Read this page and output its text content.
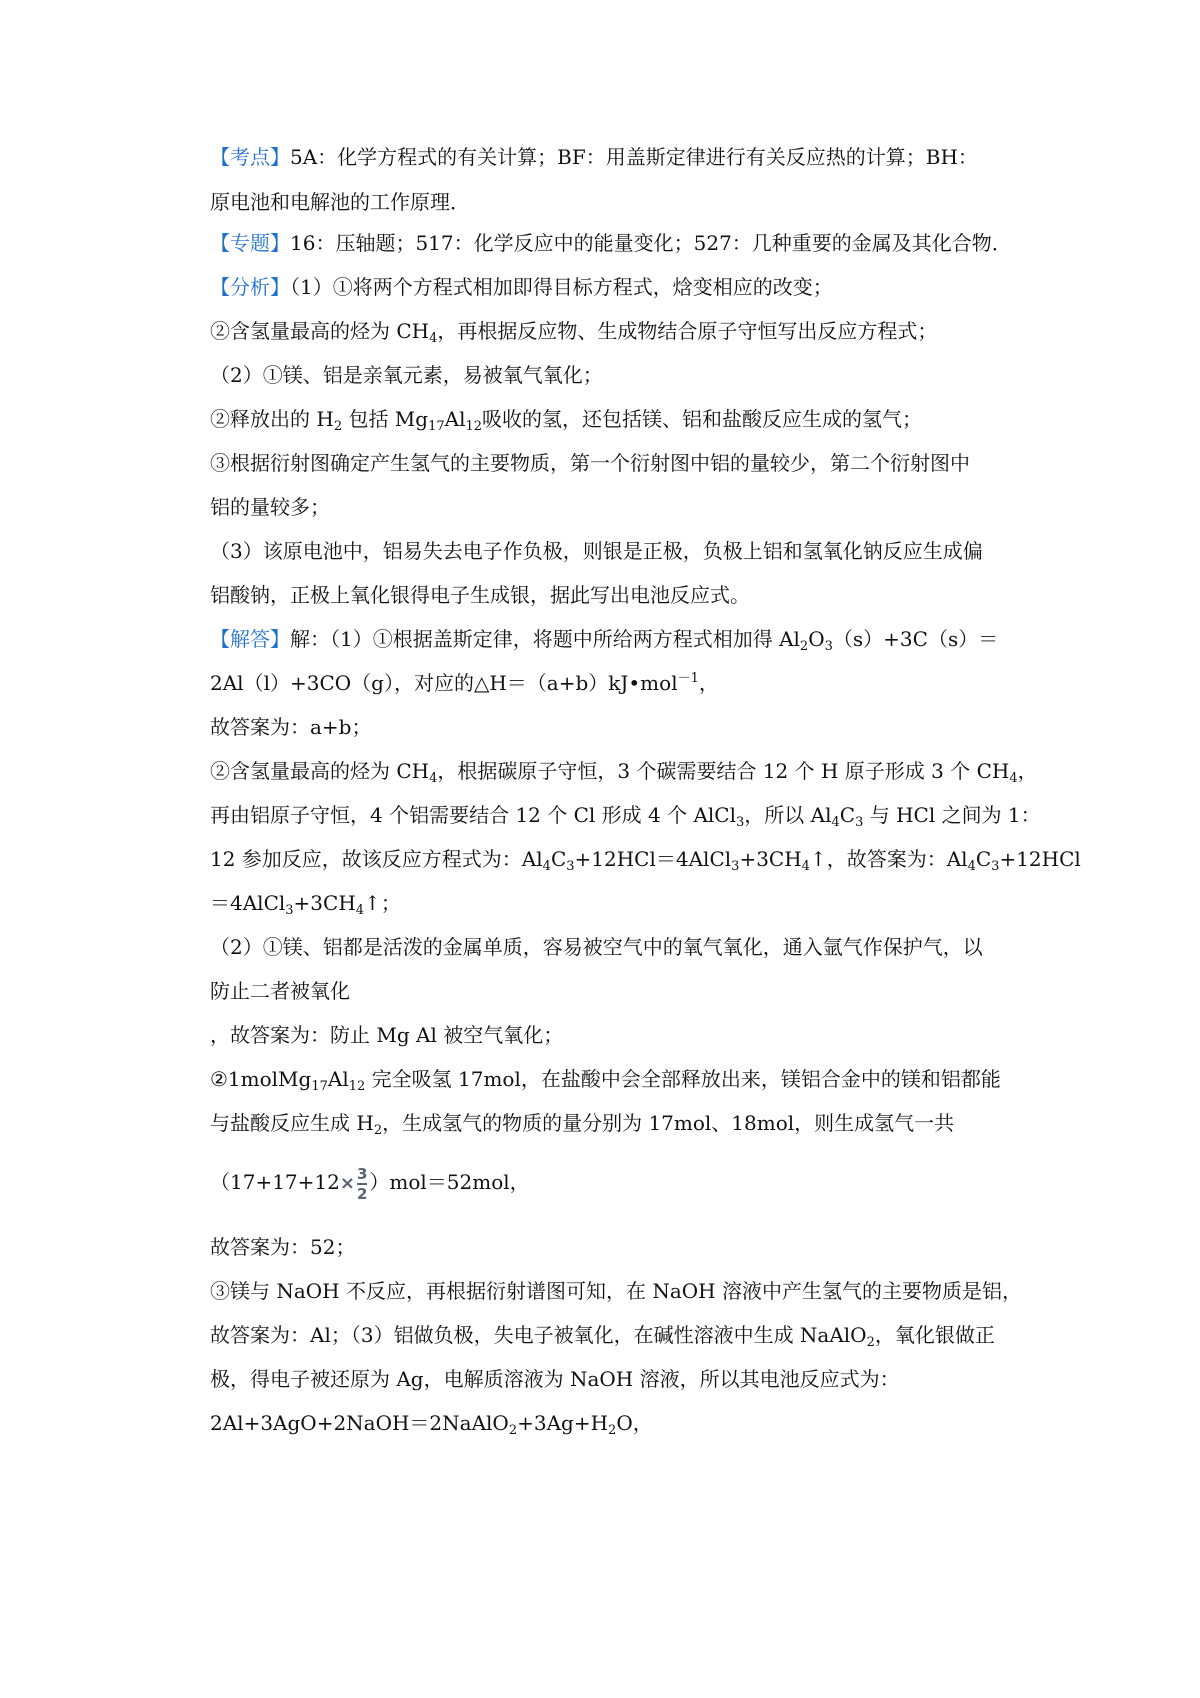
【考点】5A：化学方程式的有关计算；BF：用盖斯定律进行有关反应热的计算；BH：
原电池和电解池的工作原理．
【专题】16：压轴题；517：化学反应中的能量变化；527：几种重要的金属及其化合物．
【分析】（1）①将两个方程式相加即得目标方程式，焓变相应的改变；
②含氢量最高的烃为 $CH_4$，再根据反应物、生成物结合原子守恒写出反应方程式；
（2）①镁、铝是亲氧元素，易被氧气氧化；
②释放出的 $H_2$ 包括 $Mg_{17}Al_{12}$吸收的氢，还包括镁、铝和盐酸反应生成的氢气；
③根据衍射图确定产生氢气的主要物质，第一个衍射图中铝的量较少，第二个衍射图中
铝的量较多；
（3）该原电池中，铝易失去电子作负极，则银是正极，负极上铝和氢氧化钠反应生成偏
铝酸钠，正极上氧化银得电子生成银，据此写出电池反应式。
【解答】解：（1）①根据盖斯定律，将题中所给两方程式相加得 $Al_2O_3(s)+3C(s)=$
2Al（l）+3CO（g），对应的△H＝（a+b）kJ•mol$^{-1}$，
故答案为：a+b；
②含氢量最高的烃为 $CH_4$，根据碳原子守恒，3 个碳需要结合 12 个 H 原子形成 3 个 $CH_4$，
再由铝原子守恒，4 个铝需要结合 12 个 Cl 形成 4 个 AlCl$_3$，所以 $Al_4C_3$ 与 HCl 之间为 1：
12 参加反应，故该反应方程式为：$Al_4C_3+12HCl=4AlCl_3+3CH_4↑$，故答案为：$Al_4C_3+12HCl$
$=4AlCl_3+3CH_4↑$；
（2）①镁、铝都是活泼的金属单质，容易被空气中的氧气氧化，通入氩气作保护气，以
防止二者被氧化
，故答案为：防止 Mg Al 被空气氧化；
$②1molMg_{17}Al_{12}$ 完全吸氢 17mol，在盐酸中会全部释放出来，镁铝合金中的镁和铝都能
与盐酸反应生成 $H_2$，生成氢气的物质的量分别为 17mol、18mol，则生成氢气一共
$(17+17+12\times \frac{3}{2} )mol=52mol$，
故答案为：52；
③镁与 NaOH 不反应，再根据衍射谱图可知，在 NaOH 溶液中产生氢气的主要物质是铝，
故答案为：Al；（3）铝做负极，失电子被氧化，在碱性溶液中生成 NaAlO$_2$，氧化银做正
极，得电子被还原为 Ag，电解质溶液为 NaOH 溶液，所以其电池反应式为：
$2Al+3AgO+2NaOH=2NaAlO_2+3Ag+H_2O$，
